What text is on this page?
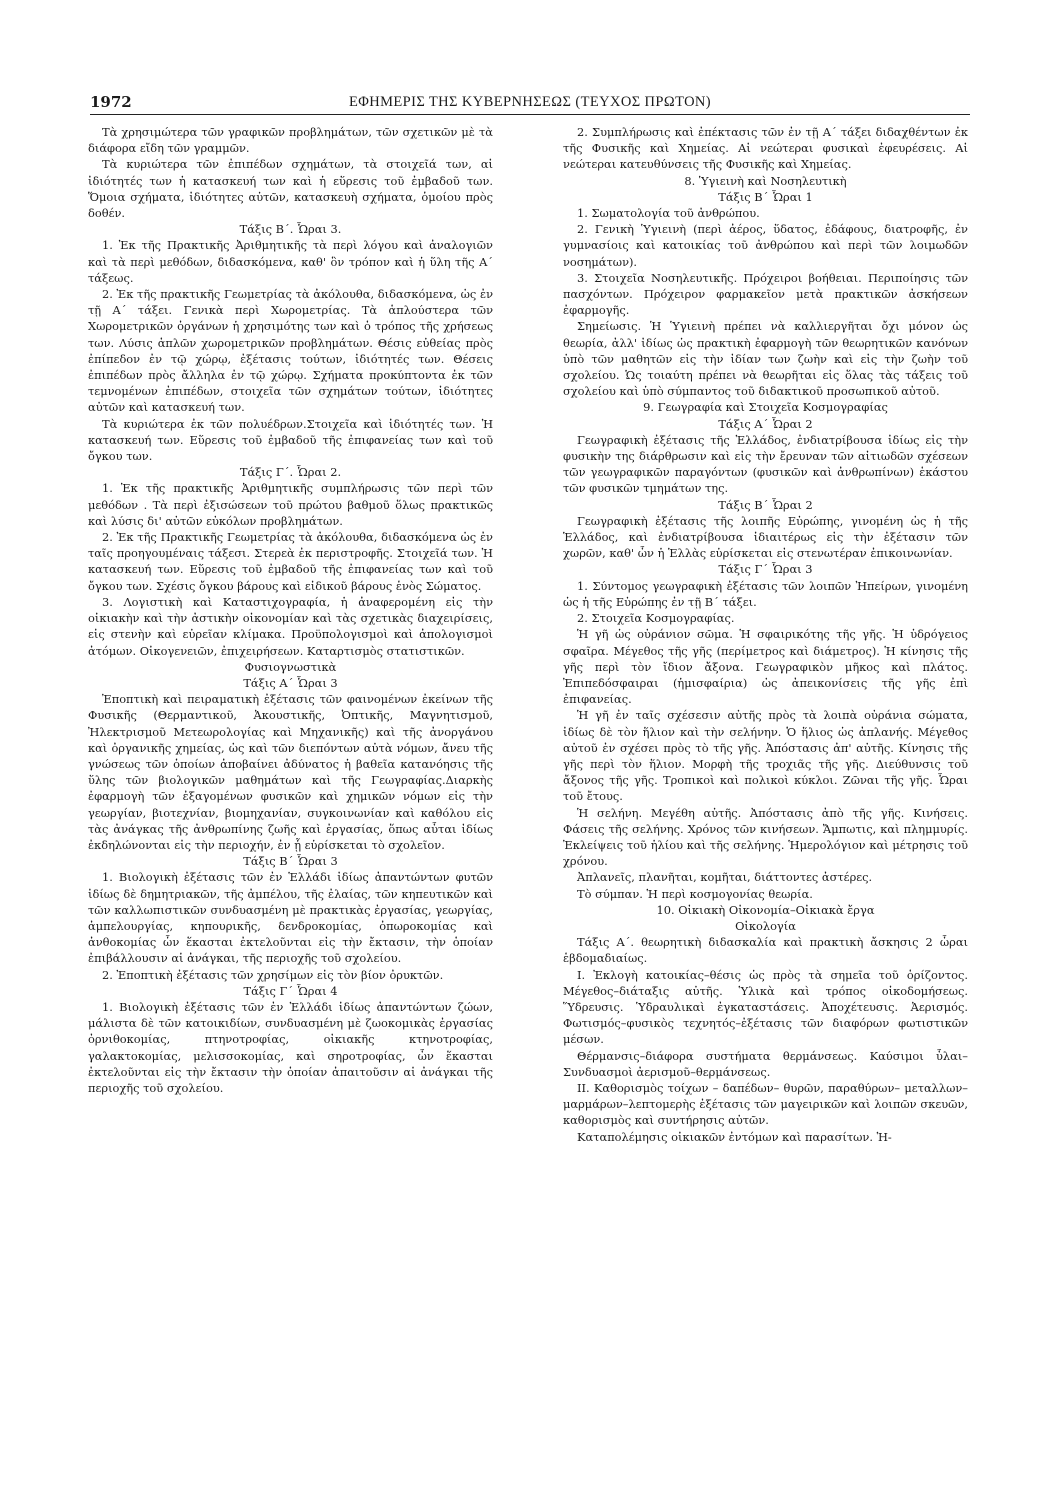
1972	ΕΦΗΜΕΡΙΣ ΤΗΣ ΚΥΒΕΡΝΗΣΕΩΣ (ΤΕΥΧΟΣ ΠΡΩΤΟΝ)

Τὰ χρησιμώτερα τῶν γραφικῶν προβλημάτων, τῶν σχετικῶν μὲ τὰ διάφορα εἴδη τῶν γραμμῶν.

Τὰ κυριώτερα τῶν ἐπιπέδων σχημάτων, τὰ στοιχεῖά των, αἱ ἰδιότητές των ἡ κατασκευή των καὶ ἡ εὕρεσις τοῦ ἐμβαδοῦ των. Ὅμοια σχήματα, ἰδιότητες αὐτῶν, κατασκευὴ σχήματα, ὁμοίου πρὸς δοθέν.

Τάξις Β΄. Ὧραι 3.

1. Ἐκ τῆς Πρακτικῆς Ἀριθμητικῆς τὰ περὶ λόγου καὶ ἀναλογιῶν καὶ τὰ περὶ μεθόδων, διδασκόμενα, καθ' ὃν τρόπον καὶ ἡ ὕλη τῆς Α΄ τάξεως.

2. Ἐκ τῆς πρακτικῆς Γεωμετρίας τὰ ἀκόλουθα, διδασκόμενα, ὡς ἐν τῇ Α΄ τάξει. Γενικὰ περὶ Χωρομετρίας. Τὰ ἁπλούστερα τῶν Χωρομετρικῶν ὀργάνων ἡ χρησιμότης των καὶ ὁ τρόπος τῆς χρήσεως των. Λύσις ἁπλῶν χωρομετρικῶν προβλημάτων. Θέσις εὐθείας πρὸς ἐπίπεδον ἐν τῷ χώρῳ, ἐξέτασις τούτων, ἰδιότητές των. Θέσεις ἐπιπέδων πρὸς ἄλληλα ἐν τῷ χώρῳ. Σχήματα προκύπτοντα ἐκ τῶν τεμνομένων ἐπιπέδων, στοιχεῖα τῶν σχημάτων τούτων, ἰδιότητες αὐτῶν καὶ κατασκευή των.

Τὰ κυριώτερα ἐκ τῶν πολυέδρων.Στοιχεῖα καὶ ἰδιότητές των. Ἡ κατασκευή των. Εὕρεσις τοῦ ἐμβαδοῦ τῆς ἐπιφανείας των καὶ τοῦ ὄγκου των.

Τάξις Γ΄. Ὧραι 2.

1. Ἐκ τῆς πρακτικῆς Ἀριθμητικῆς συμπλήρωσις τῶν περὶ τῶν μεθόδων . Τὰ περὶ ἐξισώσεων τοῦ πρώτου βαθμοῦ ὅλως πρακτικῶς καὶ λύσις δι' αὐτῶν εὐκόλων προβλημάτων.

2. Ἐκ τῆς Πρακτικῆς Γεωμετρίας τὰ ἀκόλουθα, διδασκόμενα ὡς ἐν ταῖς προηγουμέναις τάξεσι. Στερεὰ ἐκ περιστροφῆς. Στοιχεῖά των. Ἡ κατασκευή των. Εὕρεσις τοῦ ἐμβαδοῦ τῆς ἐπιφανείας των καὶ τοῦ ὄγκου των. Σχέσις ὄγκου βάρους καὶ εἰδικοῦ βάρους ἑνὸς Σώματος.

3. Λογιστικὴ καὶ Καταστιχογραφία, ἡ ἀναφερομένη εἰς τὴν οἰκιακὴν καὶ τὴν ἀστικὴν οἰκονομίαν καὶ τὰς σχετικὰς διαχειρίσεις, εἰς στενὴν καὶ εὐρεῖαν κλίμακα. Προϋπολογισμοὶ καὶ ἀπολογισμοὶ ἀτόμων. Οἰκογενειῶν, ἐπιχειρήσεων. Καταρτισμὸς στατιστικῶν.

Φυσιογνωστικὰ

Τάξις Α΄ Ὧραι 3

Ἐποπτικὴ καὶ πειραματικὴ ἐξέτασις τῶν φαινομένων ἐκείνων τῆς Φυσικῆς (Θερμαντικοῦ, Ἀκουστικῆς, Ὀπτικῆς, Μαγνητισμοῦ, Ἠλεκτρισμοῦ Μετεωρολογίας καὶ Μηχανικῆς) καὶ τῆς ἀνοργάνου καὶ ὀργανικῆς χημείας, ὡς καὶ τῶν διεπόντων αὐτὰ νόμων, ἄνευ τῆς γνώσεως τῶν ὁποίων ἀποβαίνει ἀδύνατος ἡ βαθεῖα κατανόησις τῆς ὕλης τῶν βιολογικῶν μαθημάτων καὶ τῆς Γεωγραφίας.Διαρκὴς ἐφαρμογὴ τῶν ἐξαγομένων φυσικῶν καὶ χημικῶν νόμων εἰς τὴν γεωργίαν, βιοτεχνίαν, βιομηχανίαν, συγκοινωνίαν καὶ καθόλου εἰς τὰς ἀνάγκας τῆς ἀνθρωπίνης ζωῆς καὶ ἐργασίας, ὅπως αὗται ἰδίως ἐκδηλώνονται εἰς τὴν περιοχήν, ἐν ᾗ εὑρίσκεται τὸ σχολεῖον.

Τάξις Β΄ Ὧραι 3

1. Βιολογικὴ ἐξέτασις τῶν ἐν Ἑλλάδι ἰδίως ἀπαντώντων φυτῶν ἰδίως δὲ δημητριακῶν, τῆς ἀμπέλου, τῆς ἐλαίας, τῶν κηπευτικῶν καὶ τῶν καλλωπιστικῶν συνδυασμένη μὲ πρακτικὰς ἐργασίας, γεωργίας, ἀμπελουργίας, κηπουρικῆς, δενδροκομίας, ὀπωροκομίας καὶ ἀνθοκομίας ὧν ἕκασται ἐκτελοῦνται εἰς τὴν ἔκτασιν, τὴν ὁποίαν ἐπιβάλλουσιν αἱ ἀνάγκαι, τῆς περιοχῆς τοῦ σχολείου.

2. Ἐποπτικὴ ἐξέτασις τῶν χρησίμων εἰς τὸν βίον ὀρυκτῶν.

Τάξις Γ΄ Ὧραι 4

1. Βιολογικὴ ἐξέτασις τῶν ἐν Ἑλλάδι ἰδίως ἀπαντώντων ζώων, μάλιστα δὲ τῶν κατοικιδίων, συνδυασμένη μὲ ζωοκομικὰς ἐργασίας ὀρνιθοκομίας, πτηνοτροφίας, οἰκιακῆς κτηνοτροφίας, γαλακτοκομίας, μελισσοκομίας, καὶ σηροτροφίας, ὧν ἕκασται ἐκτελοῦνται εἰς τὴν ἔκτασιν τὴν ὁποίαν ἀπαιτοῦσιν αἱ ἀνάγκαι τῆς περιοχῆς τοῦ σχολείου.

2. Συμπλήρωσις καὶ ἐπέκτασις τῶν ἐν τῇ Α΄ τάξει διδαχθέντων ἐκ τῆς Φυσικῆς καὶ Χημείας. Αἱ νεώτεραι φυσικαὶ ἐφευρέσεις. Αἱ νεώτεραι κατευθύνσεις τῆς Φυσικῆς καὶ Χημείας.

8. Ὑγιεινὴ καὶ Νοσηλευτικὴ

Τάξις Β΄ Ὧραι 1

1. Σωματολογία τοῦ ἀνθρώπου.

2. Γενικὴ Ὑγιεινὴ (περὶ ἀέρος, ὕδατος, ἐδάφους, διατροφῆς, ἐν γυμνασίοις καὶ κατοικίας τοῦ ἀνθρώπου καὶ περὶ τῶν λοιμωδῶν νοσημάτων).

3. Στοιχεῖα Νοσηλευτικῆς. Πρόχειροι βοήθειαι. Περιποίησις τῶν πασχόντων. Πρόχειρον φαρμακεῖον μετὰ πρακτικῶν ἀσκήσεων ἐφαρμογῆς.

Σημείωσις. Ἡ Ὑγιεινὴ πρέπει νὰ καλλιεργῆται ὄχι μόνον ὡς θεωρία, ἀλλ' ἰδίως ὡς πρακτικὴ ἐφαρμογὴ τῶν θεωρητικῶν κανόνων ὑπὸ τῶν μαθητῶν εἰς τὴν ἰδίαν των ζωὴν καὶ εἰς τὴν ζωὴν τοῦ σχολείου. Ὡς τοιαύτη πρέπει νὰ θεωρῆται εἰς ὅλας τὰς τάξεις τοῦ σχολείου καὶ ὑπὸ σύμπαντος τοῦ διδακτικοῦ προσωπικοῦ αὐτοῦ.

9. Γεωγραφία καὶ Στοιχεῖα Κοσμογραφίας

Τάξις Α΄ Ὧραι 2

Γεωγραφικὴ ἐξέτασις τῆς Ἑλλάδος, ἐνδιατρίβουσα ἰδίως εἰς τὴν φυσικὴν της διάρθρωσιν καὶ εἰς τὴν ἔρευναν τῶν αἰτιωδῶν σχέσεων τῶν γεωγραφικῶν παραγόντων (φυσικῶν καὶ ἀνθρωπίνων) ἑκάστου τῶν φυσικῶν τμημάτων της.

Τάξις Β΄ Ὧραι 2

Γεωγραφικὴ ἐξέτασις τῆς λοιπῆς Εὐρώπης, γινομένη ὡς ἡ τῆς Ἑλλάδος, καὶ ἐνδιατρίβουσα ἰδιαιτέρως εἰς τὴν ἐξέτασιν τῶν χωρῶν, καθ' ὧν ἡ Ἑλλὰς εὑρίσκεται εἰς στενωτέραν ἐπικοινωνίαν.

Τάξις Γ΄ Ὧραι 3

1. Σύντομος γεωγραφικὴ ἐξέτασις τῶν λοιπῶν Ἠπείρων, γινομένη ὡς ἡ τῆς Εὐρώπης ἐν τῇ Β΄ τάξει.

2. Στοιχεῖα Κοσμογραφίας.

Ἡ γῆ ὡς οὐράνιον σῶμα. Ἡ σφαιρικότης τῆς γῆς. Ἡ ὑδρόγειος σφαῖρα. Μέγεθος τῆς γῆς (περίμετρος καὶ διάμετρος). Ἡ κίνησις τῆς γῆς περὶ τὸν ἴδιον ἄξονα. Γεωγραφικὸν μῆκος καὶ πλάτος. Ἐπιπεδόσφαιραι (ἡμισφαίρια) ὡς ἀπεικονίσεις τῆς γῆς ἐπὶ ἐπιφανείας.

Ἡ γῆ ἐν ταῖς σχέσεσιν αὐτῆς πρὸς τὰ λοιπὰ οὐράνια σώματα, ἰδίως δὲ τὸν ἥλιον καὶ τὴν σελήνην. Ὁ ἥλιος ὡς ἀπλανής. Μέγεθος αὐτοῦ ἐν σχέσει πρὸς τὸ τῆς γῆς. Ἀπόστασις ἀπ' αὐτῆς. Κίνησις τῆς γῆς περὶ τὸν ἥλιον. Μορφὴ τῆς τροχιᾶς τῆς γῆς. Διεύθυνσις τοῦ ἄξονος τῆς γῆς. Τροπικοὶ καὶ πολικοὶ κύκλοι. Ζῶναι τῆς γῆς. Ὧραι τοῦ ἔτους.

Ἡ σελήνη. Μεγέθη αὐτῆς. Ἀπόστασις ἀπὸ τῆς γῆς. Κινήσεις. Φάσεις τῆς σελήνης. Χρόνος τῶν κινήσεων. Ἄμπωτις, καὶ πλημμυρίς. Ἐκλείψεις τοῦ ἡλίου καὶ τῆς σελήνης. Ἡμερολόγιον καὶ μέτρησις τοῦ χρόνου.

Ἀπλανεῖς, πλανῆται, κομῆται, διάττοντες ἀστέρες.

Τὸ σύμπαν. Ἡ περὶ κοσμογονίας θεωρία.

10. Οἰκιακὴ Οἰκονομία–Οἰκιακὰ ἔργα

Οἰκολογία

Τάξις Α΄. θεωρητικὴ διδασκαλία καὶ πρακτικὴ ἄσκησις 2 ὧραι ἑβδομαδιαίως.

I. Ἐκλογὴ κατοικίας–θέσις ὡς πρὸς τὰ σημεῖα τοῦ ὁρίζοντος. Μέγεθος–διάταξις αὐτῆς. Ὑλικὰ καὶ τρόπος οἰκοδομήσεως. Ὕδρευσις. Ὑδραυλικαὶ ἐγκαταστάσεις. Ἀποχέτευσις. Ἀερισμός. Φωτισμός–φυσικὸς τεχνητός–ἐξέτασις τῶν διαφόρων φωτιστικῶν μέσων.

Θέρμανσις–διάφορα συστήματα θερμάνσεως. Καύσιμοι ὗλαι–Συνδυασμοὶ ἀερισμοῦ–θερμάνσεως.

II. Καθορισμὸς τοίχων – δαπέδων– θυρῶν, παραθύρων– μεταλλων– μαρμάρων–λεπτομερὴς ἐξέτασις τῶν μαγειρικῶν καὶ λοιπῶν σκευῶν, καθορισμὸς καὶ συντήρησις αὐτῶν.

Καταπολέμησις οἰκιακῶν ἐντόμων καὶ παρασίτων. Ἡ-
